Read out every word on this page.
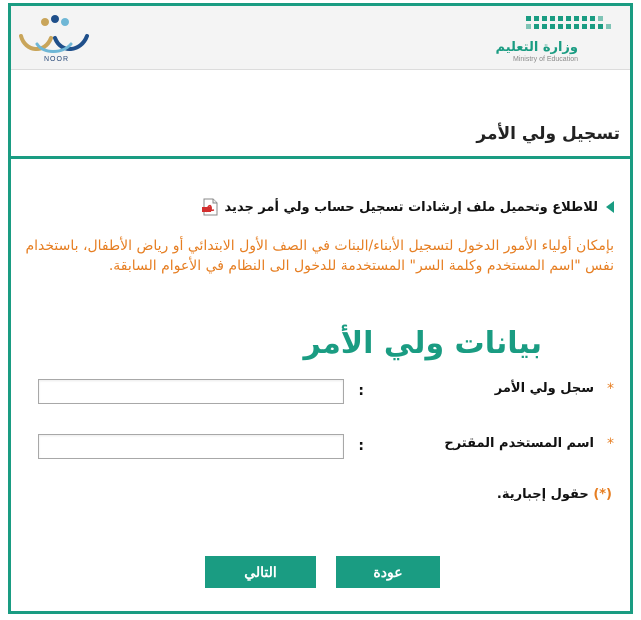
NOOR
وزارة التعليم
Ministry of Education
تسجيل ولي الأمر
للاطلاع وتحميل ملف إرشادات تسجيل حساب ولي أمر جديد
بإمكان أولياء الأمور الدخول لتسجيل الأبناء/البنات في الصف الأول الابتدائي أو رياض الأطفال، باستخدام نفس "اسم المستخدم وكلمة السر" المستخدمة للدخول الى النظام في الأعوام السابقة.
بيانات ولي الأمر
*
سجل ولي الأمر
:
*
اسم المستخدم المقترح
:
(*) حقول إجبارية.
عودة
التالي
